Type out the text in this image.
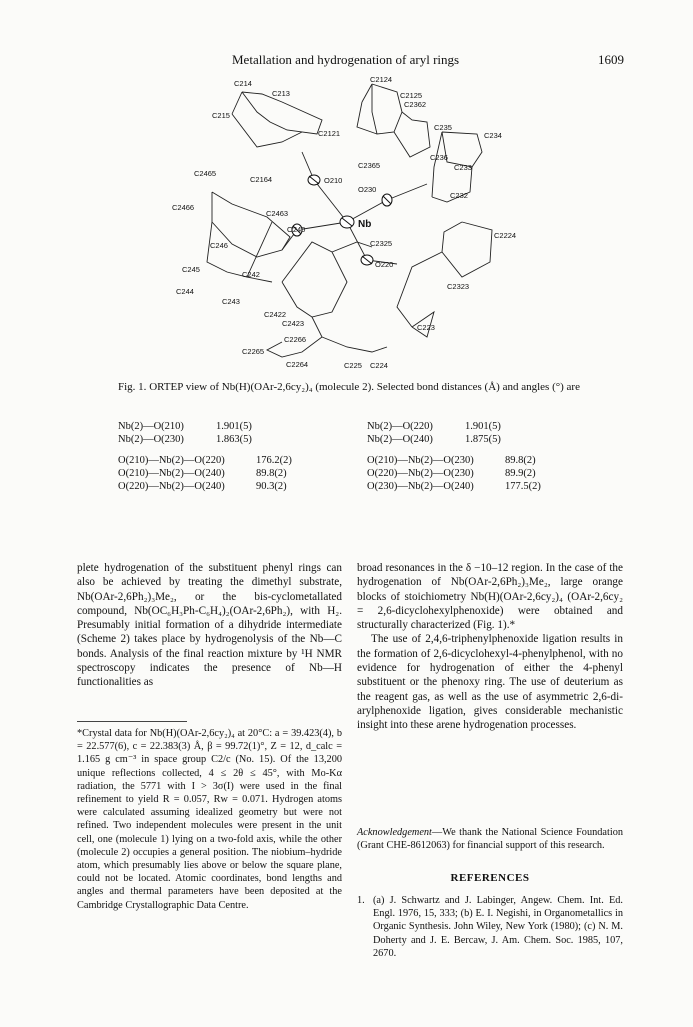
Metallation and hydrogenation of aryl rings	1609
C214
C213
C2124
C2125
C2362
C215
C2121
C235
C234
C2365
O210
C236
C233
C2465
C2164
O230
C232
C2466
C2463
O240	Nb
C2224
C246	C2325
O220
C245
C242
C2323
C244
C243
C2422
C2423	C223
C2266
C2265
C2264	C225 C224
Fig. 1. ORTEP view of Nb(H)(OAr-2,6cy₂)₄ (molecule 2). Selected bond distances (Å) and angles (°) are
Nb(2)—O(210)	1.901(5)
Nb(2)—O(230)	1.863(5)
O(210)—Nb(2)—O(220)	176.2(2)
O(210)—Nb(2)—O(240)	89.8(2)
O(220)—Nb(2)—O(240)	90.3(2)
Nb(2)—O(220)	1.901(5)
Nb(2)—O(240)	1.875(5)
O(210)—Nb(2)—O(230)	89.8(2)
O(220)—Nb(2)—O(230)	89.9(2)
O(230)—Nb(2)—O(240)	177.5(2)

plete hydrogenation of the substituent phenyl rings can also be achieved by treating the dimethyl substrate, Nb(OAr-2,6Ph₂)₃Me₂, or the bis-cyclometallated compound, Nb(OC₆H₃Ph-C₆H₄)₂(OAr-2,6Ph₂), with H₂. Presumably initial formation of a dihydride intermediate (Scheme 2) takes place by hydrogenolysis of the Nb—C bonds. Analysis of the final reaction mixture by ¹H NMR spectroscopy indicates the presence of Nb—H functionalities as

*Crystal data for Nb(H)(OAr-2,6cy₂)₄ at 20°C: a = 39.423(4), b = 22.577(6), c = 22.383(3) Å, β = 99.72(1)°, Z = 12, d_calc = 1.165 g cm⁻³ in space group C2/c (No. 15). Of the 13,200 unique reflections collected, 4 ≤ 2θ ≤ 45°, with Mo-Kα radiation, the 5771 with I > 3σ(I) were used in the final refinement to yield R = 0.057, Rw = 0.071. Hydrogen atoms were calculated assuming idealized geometry but were not refined. Two independent molecules were present in the unit cell, one (molecule 1) lying on a two-fold axis, while the other (molecule 2) occupies a general position. The niobium–hydride atom, which presumably lies above or below the square plane, could not be located. Atomic coordinates, bond lengths and angles and thermal parameters have been deposited at the Cambridge Crystallographic Data Centre.

broad resonances in the δ −10–12 region. In the case of the hydrogenation of Nb(OAr-2,6Ph₂)₃Me₂, large orange blocks of stoichiometry Nb(H)(OAr-2,6cy₂)₄ (OAr-2,6cy₂ = 2,6-dicyclohexylphenoxide) were obtained and structurally characterized (Fig. 1).*

The use of 2,4,6-triphenylphenoxide ligation results in the formation of 2,6-dicyclohexyl-4-phenylphenol, with no evidence for hydrogenation of either the 4-phenyl substituent or the phenoxy ring. The use of deuterium as the reagent gas, as well as the use of asymmetric 2,6-di-arylphenoxide ligation, gives considerable mechanistic insight into these arene hydrogenation processes.

Acknowledgement—We thank the National Science Foundation (Grant CHE-8612063) for financial support of this research.
REFERENCES
1. (a) J. Schwartz and J. Labinger, Angew. Chem. Int. Ed. Engl. 1976, 15, 333; (b) E. I. Negishi, in Organometallics in Organic Synthesis. John Wiley, New York (1980); (c) N. M. Doherty and J. E. Bercaw, J. Am. Chem. Soc. 1985, 107, 2670.
